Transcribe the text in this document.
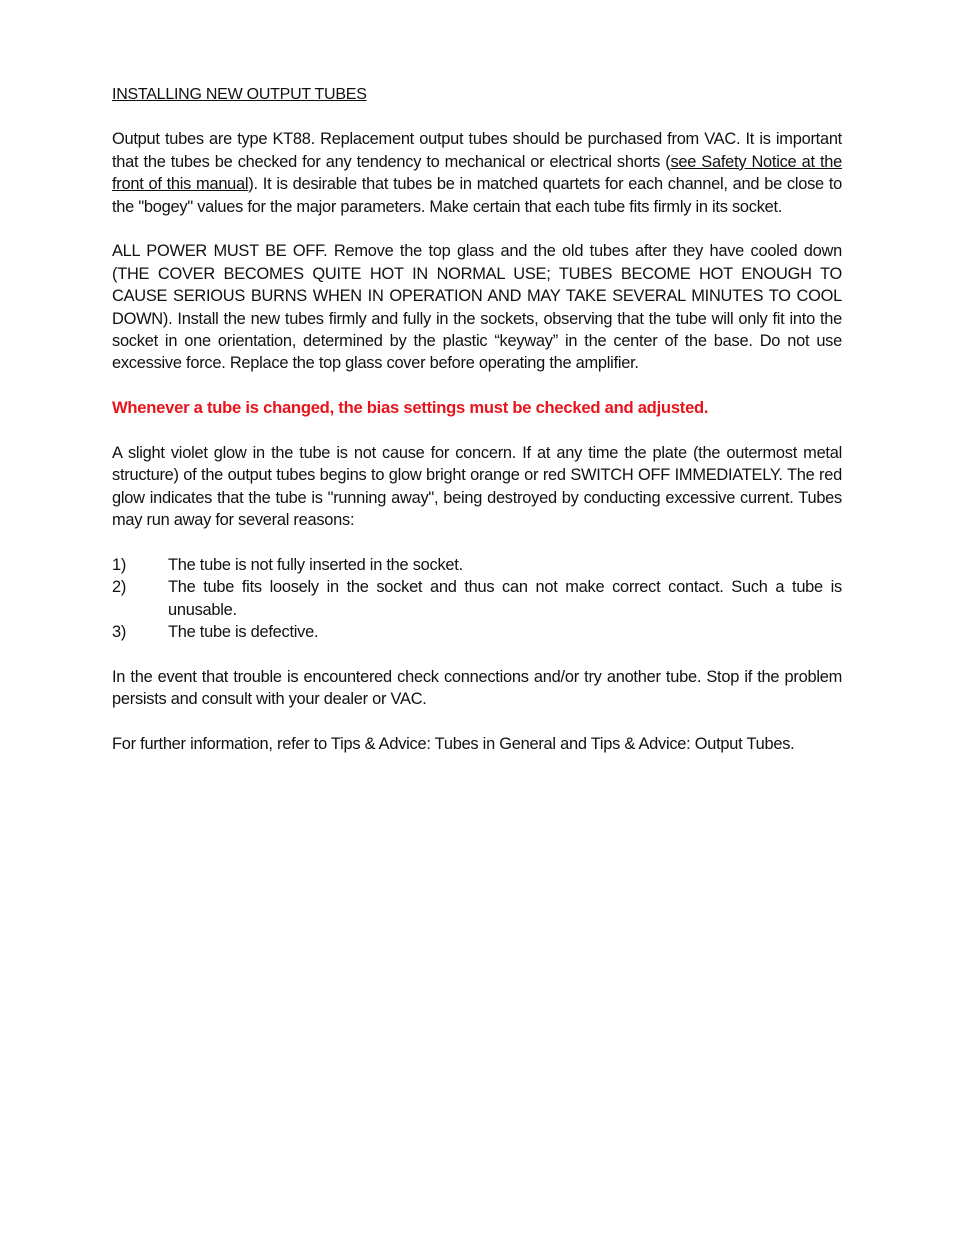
INSTALLING NEW OUTPUT TUBES

Output tubes are type KT88. Replacement output tubes should be purchased from VAC. It is important that the tubes be checked for any tendency to mechanical or electrical shorts (see Safety Notice at the front of this manual). It is desirable that tubes be in matched quartets for each channel, and be close to the "bogey" values for the major parameters. Make certain that each tube fits firmly in its socket.

ALL POWER MUST BE OFF. Remove the top glass and the old tubes after they have cooled down (THE COVER BECOMES QUITE HOT IN NORMAL USE; TUBES BECOME HOT ENOUGH TO CAUSE SERIOUS BURNS WHEN IN OPERATION AND MAY TAKE SEVERAL MINUTES TO COOL DOWN). Install the new tubes firmly and fully in the sockets, observing that the tube will only fit into the socket in one orientation, determined by the plastic “keyway” in the center of the base. Do not use excessive force. Replace the top glass cover before operating the amplifier.

Whenever a tube is changed, the bias settings must be checked and adjusted.

A slight violet glow in the tube is not cause for concern. If at any time the plate (the outermost metal structure) of the output tubes begins to glow bright orange or red SWITCH OFF IMMEDIATELY. The red glow indicates that the tube is "running away", being destroyed by conducting excessive current. Tubes may run away for several reasons:

1)	The tube is not fully inserted in the socket.
2)	The tube fits loosely in the socket and thus can not make correct contact. Such a tube is unusable.
3)	The tube is defective.

In the event that trouble is encountered check connections and/or try another tube. Stop if the problem persists and consult with your dealer or VAC.

For further information, refer to Tips & Advice: Tubes in General and Tips & Advice: Output Tubes.
